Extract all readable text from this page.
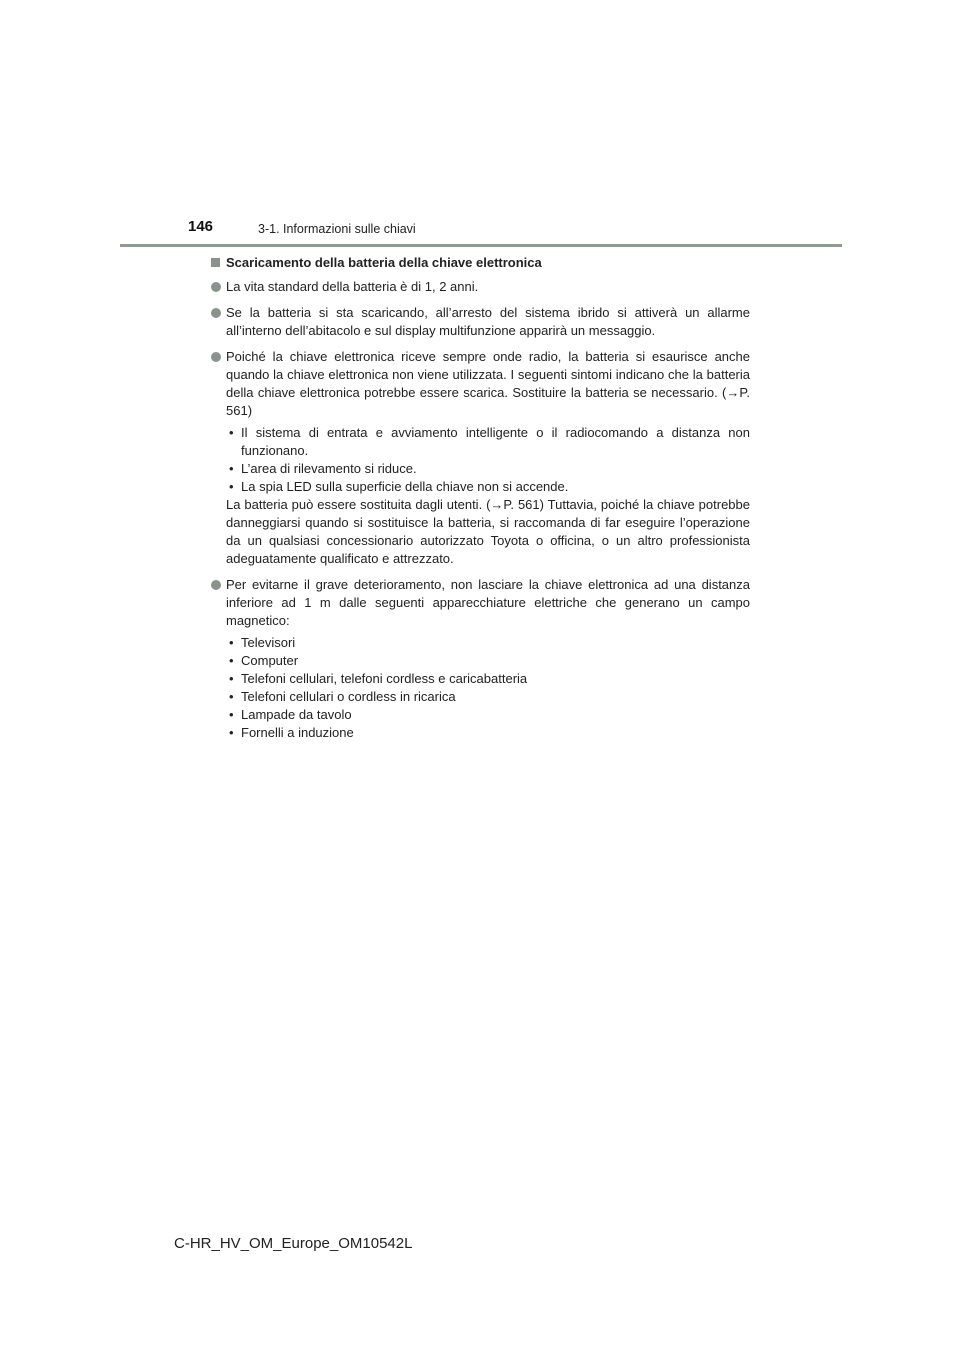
146	3-1. Informazioni sulle chiavi

Scaricamento della batteria della chiave elettronica

La vita standard della batteria è di 1, 2 anni.

Se la batteria si sta scaricando, all’arresto del sistema ibrido si attiverà un allarme all’interno dell’abitacolo e sul display multifunzione apparirà un messaggio.

Poiché la chiave elettronica riceve sempre onde radio, la batteria si esaurisce anche quando la chiave elettronica non viene utilizzata. I seguenti sintomi indicano che la batteria della chiave elettronica potrebbe essere scarica. Sostituire la batteria se necessario. (→P. 561)

• Il sistema di entrata e avviamento intelligente o il radiocomando a distanza non funzionano.

• L’area di rilevamento si riduce.

• La spia LED sulla superficie della chiave non si accende.

La batteria può essere sostituita dagli utenti. (→P. 561) Tuttavia, poiché la chiave potrebbe danneggiarsi quando si sostituisce la batteria, si raccomanda di far eseguire l’operazione da un qualsiasi concessionario autorizzato Toyota o officina, o un altro professionista adeguatamente qualificato e attrezzato.

Per evitarne il grave deterioramento, non lasciare la chiave elettronica ad una distanza inferiore ad 1 m dalle seguenti apparecchiature elettriche che generano un campo magnetico:

• Televisori

• Computer

• Telefoni cellulari, telefoni cordless e caricabatteria

• Telefoni cellulari o cordless in ricarica

• Lampade da tavolo

• Fornelli a induzione

C-HR_HV_OM_Europe_OM10542L
